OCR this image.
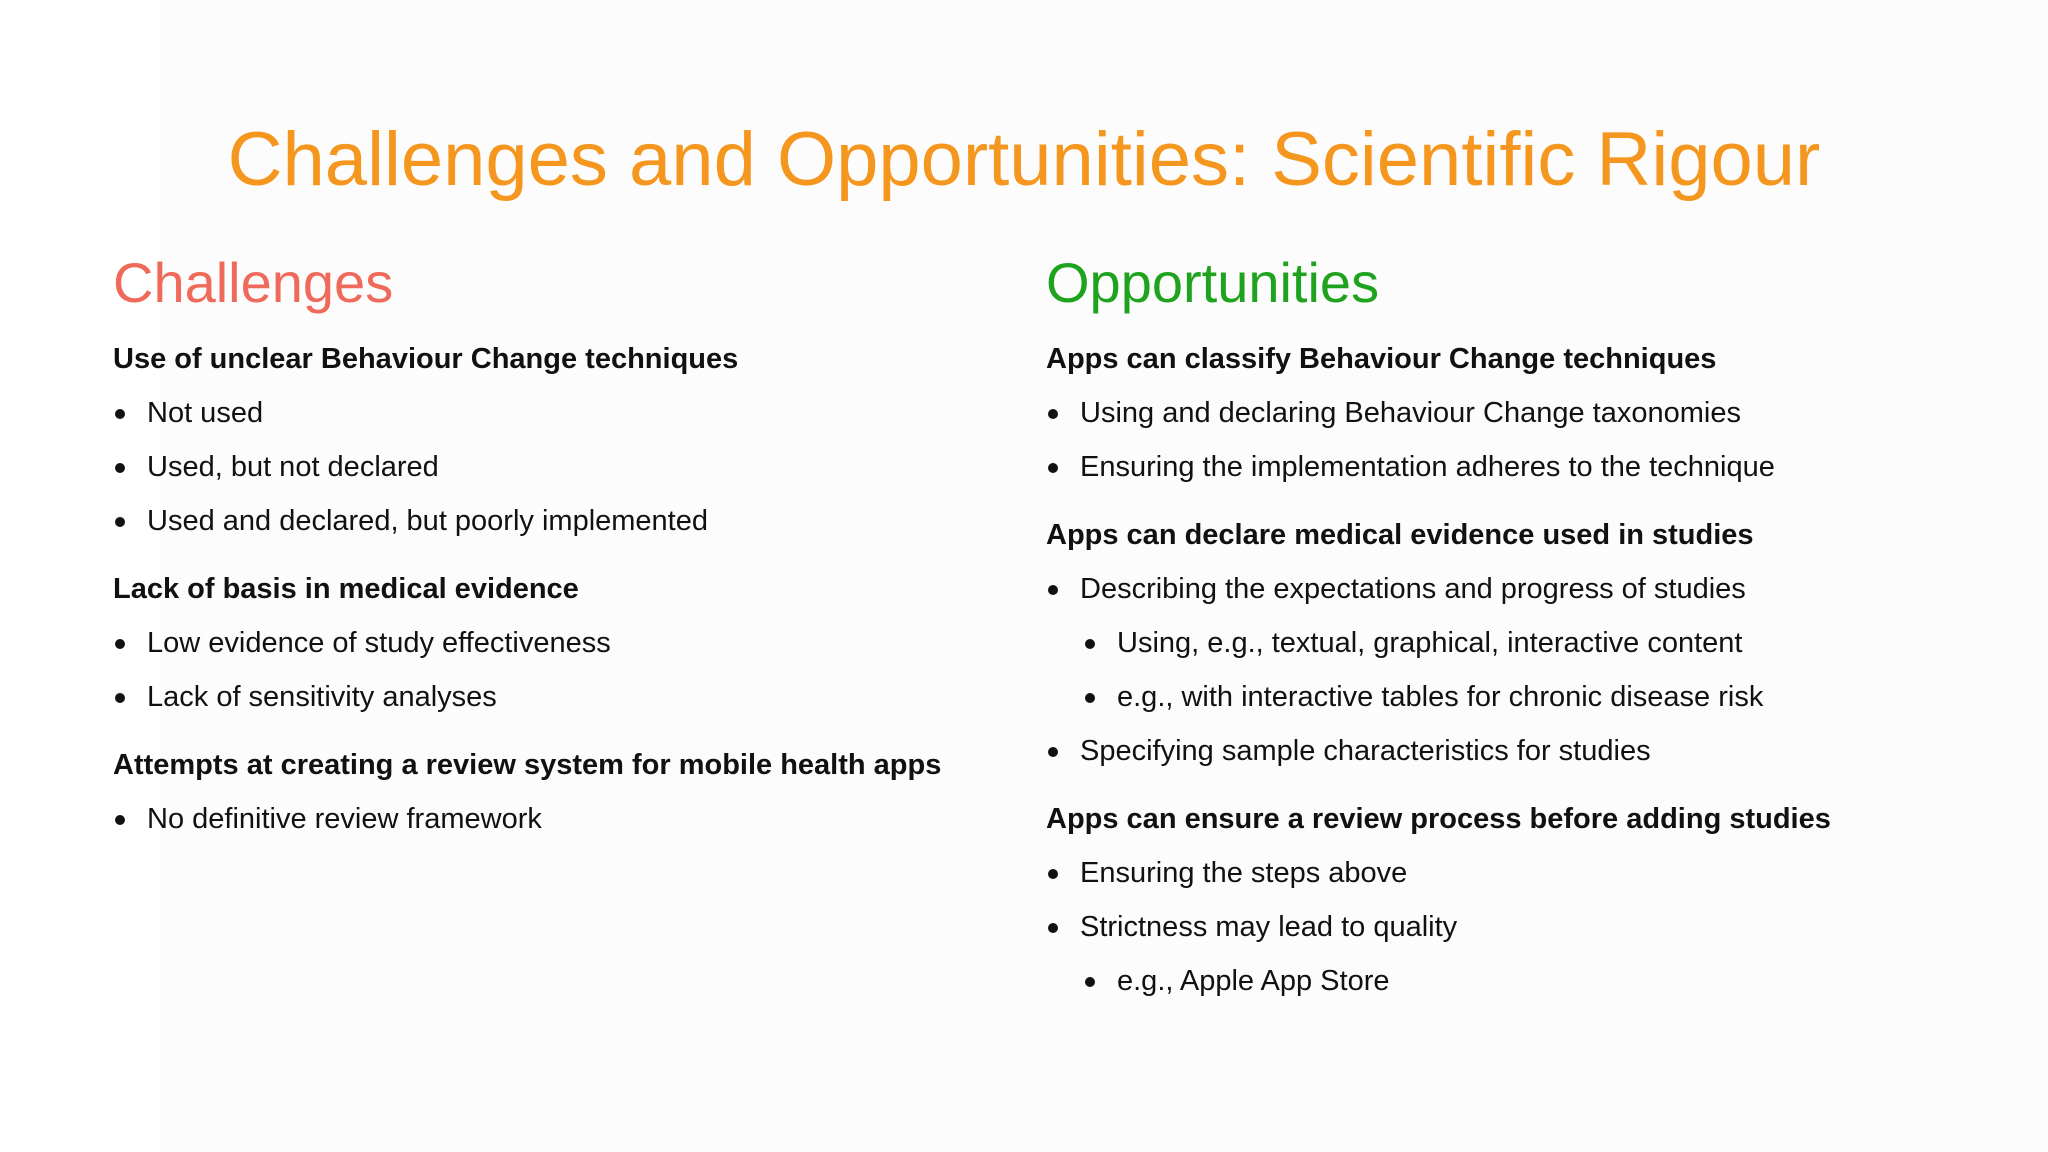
Challenges and Opportunities: Scientific Rigour
Challenges
Use of unclear Behaviour Change techniques
Not used
Used, but not declared
Used and declared, but poorly implemented
Lack of basis in medical evidence
Low evidence of study effectiveness
Lack of sensitivity analyses
Attempts at creating a review system for mobile health apps
No definitive review framework
Opportunities
Apps can classify Behaviour Change techniques
Using and declaring Behaviour Change taxonomies
Ensuring the implementation adheres to the technique
Apps can declare medical evidence used in studies
Describing the expectations and progress of studies
Using, e.g., textual, graphical, interactive content
e.g., with interactive tables for chronic disease risk
Specifying sample characteristics for studies
Apps can ensure a review process before adding studies
Ensuring the steps above
Strictness may lead to quality
e.g., Apple App Store
